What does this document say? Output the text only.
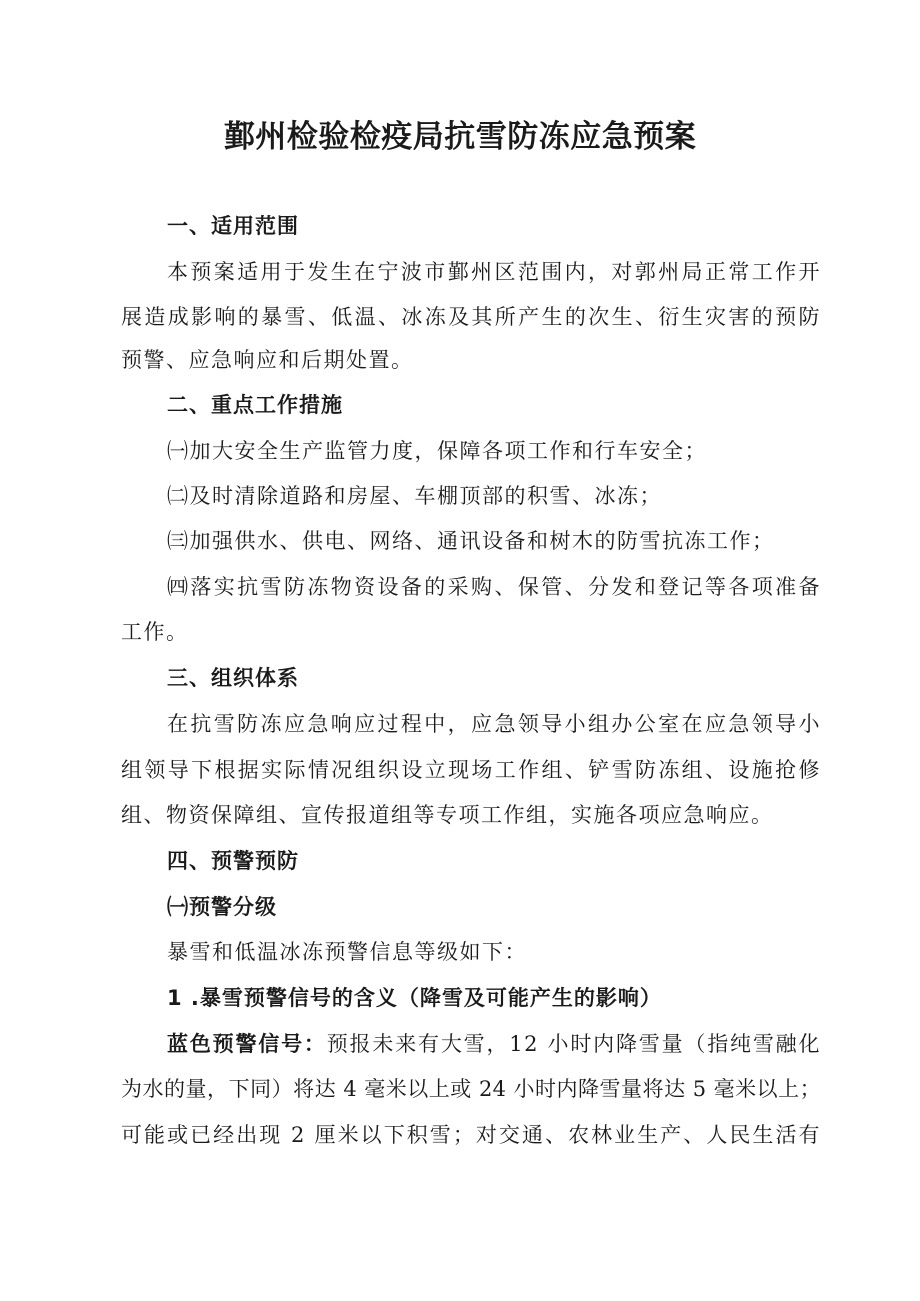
鄞州检验检疫局抗雪防冻应急预案
一、适用范围
本预案适用于发生在宁波市鄞州区范围内，对郭州局正常工作开
展造成影响的暴雪、低温、冰冻及其所产生的次生、衍生灾害的预防
预警、应急响应和后期处置。
二、重点工作措施
㈠加大安全生产监管力度，保障各项工作和行车安全；
㈡及时清除道路和房屋、车棚顶部的积雪、冰冻；
㈢加强供水、供电、网络、通讯设备和树木的防雪抗冻工作；
㈣落实抗雪防冻物资设备的采购、保管、分发和登记等各项准备
工作。
三、组织体系
在抗雪防冻应急响应过程中，应急领导小组办公室在应急领导小
组领导下根据实际情况组织设立现场工作组、铲雪防冻组、设施抢修
组、物资保障组、宣传报道组等专项工作组，实施各项应急响应。
四、预警预防
㈠预警分级
暴雪和低温冰冻预警信息等级如下：
1 .暴雪预警信号的含义（降雪及可能产生的影响）
蓝色预警信号：预报未来有大雪，12 小时内降雪量（指纯雪融化
为水的量，下同）将达 4 毫米以上或 24 小时内降雪量将达 5 毫米以上；
可能或已经出现 2 厘米以下积雪；对交通、农林业生产、人民生活有
